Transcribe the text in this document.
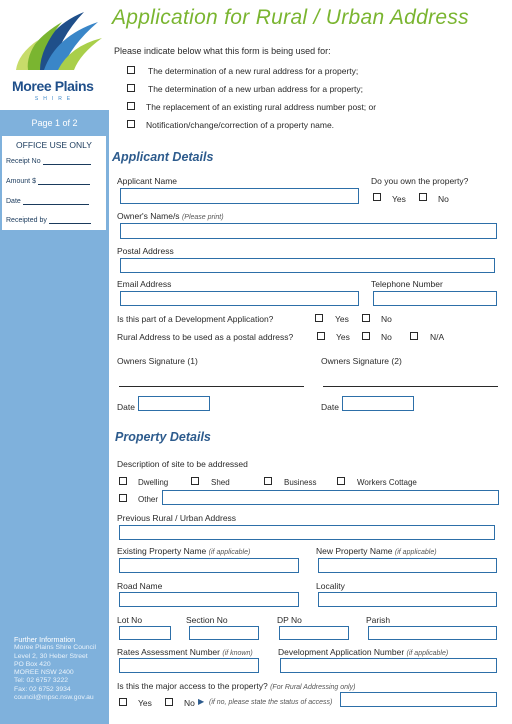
Moree Plains
SHIRE
Page 1 of 2
OFFICE USE ONLY
Receipt No
Amount $
Date
Receipted by
Further Information
Moree Plains Shire Council
Level 2, 30 Heber Street
PO Box 420
MOREE NSW 2400
Tel: 02 6757 3222
Fax: 02 6752 3934
council@mpsc.nsw.gov.au
Application for Rural / Urban Address
Please indicate below what this form is being used for:
The determination of a new rural address for a property;
The determination of a new urban address for a property;
The replacement of an existing rural address number post; or
Notification/change/correction of a property name.
Applicant Details
Applicant Name	Do you own the property?
Yes	No
Owner's Name/s (Please print)
Postal Address
Email Address	Telephone Number
Is this part of a Development Application?	Yes	No
Rural Address to be used as a postal address?	Yes	No	N/A
Owners Signature (1)	Owners Signature (2)
Date	Date
Property Details
Description of site to be addressed
Dwelling	Shed	Business	Workers Cottage
Other
Previous Rural / Urban Address
Existing Property Name (if applicable)	New Property Name (if applicable)
Road Name	Locality
Lot No	Section No	DP No	Parish
Rates Assessment Number (if known)	Development Application Number (if applicable)
Is this the major access to the property? (For Rural Addressing only)
Yes	No ▶ (if no, please state the status of access)
